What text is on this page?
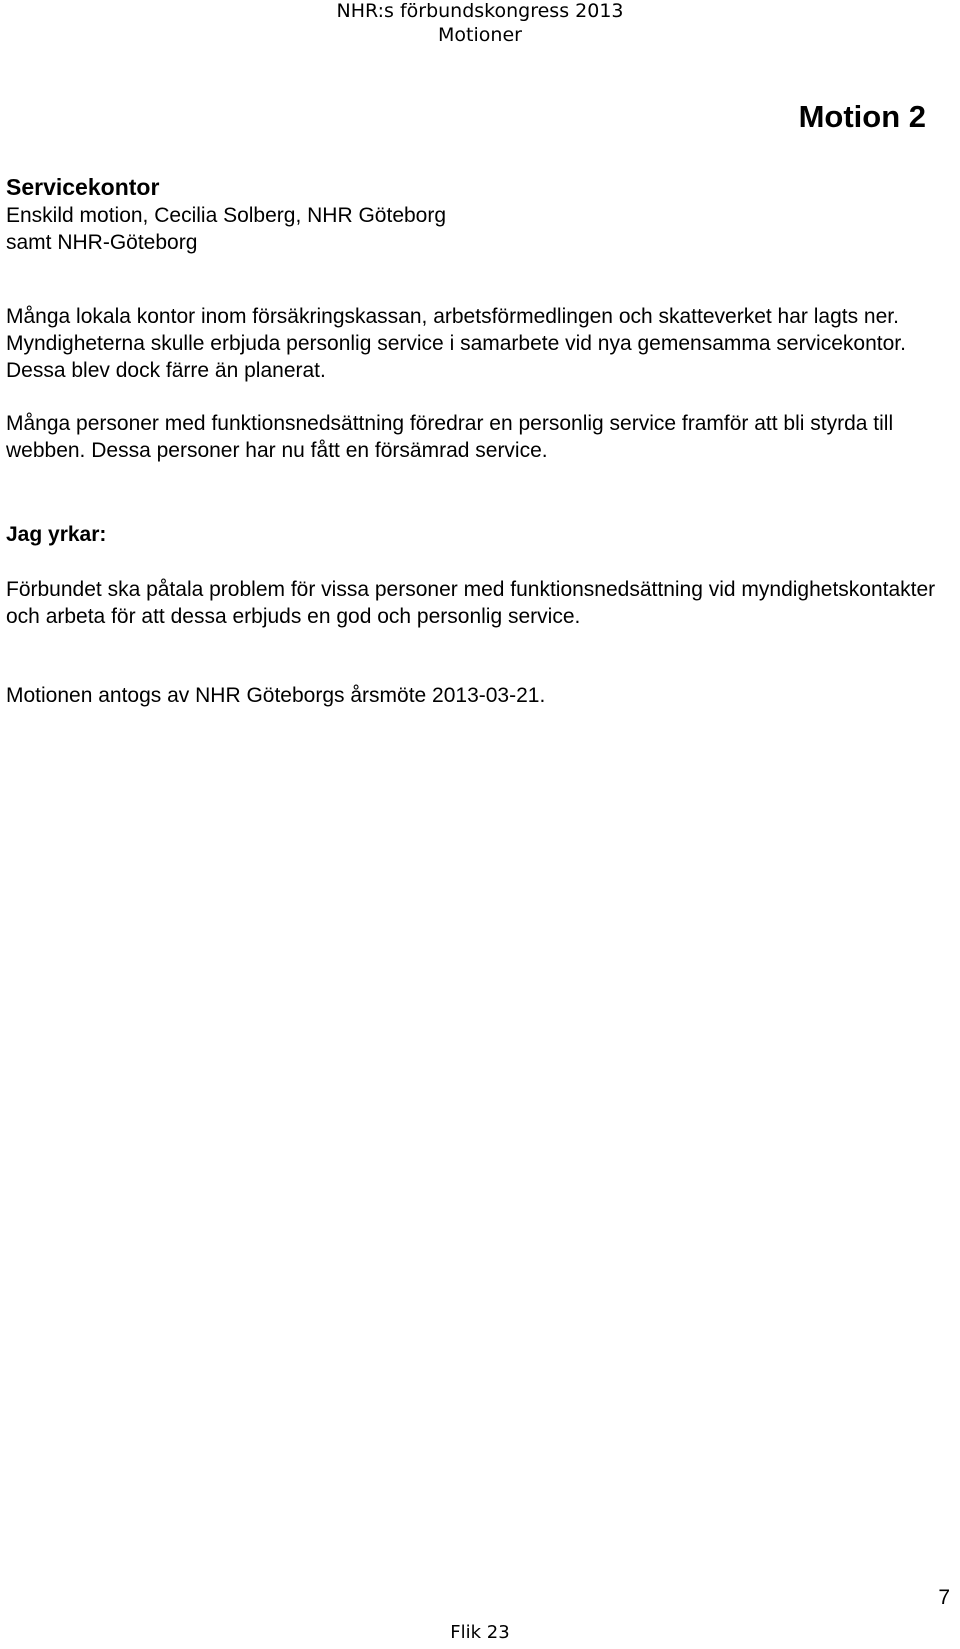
NHR:s förbundskongress 2013
Motioner
Motion 2
Servicekontor
Enskild motion, Cecilia Solberg, NHR Göteborg
samt NHR-Göteborg
Många lokala kontor inom försäkringskassan, arbetsförmedlingen och skatteverket har lagts ner. Myndigheterna skulle erbjuda personlig service i samarbete vid nya gemensamma servicekontor. Dessa blev dock färre än planerat.
Många personer med funktionsnedsättning föredrar en personlig service framför att bli styrda till webben. Dessa personer har nu fått en försämrad service.
Jag yrkar:
Förbundet ska påtala problem för vissa personer med funktionsnedsättning vid myndighetskontakter och arbeta för att dessa erbjuds en god och personlig service.
Motionen antogs av NHR Göteborgs årsmöte 2013-03-21.
7
Flik 23
